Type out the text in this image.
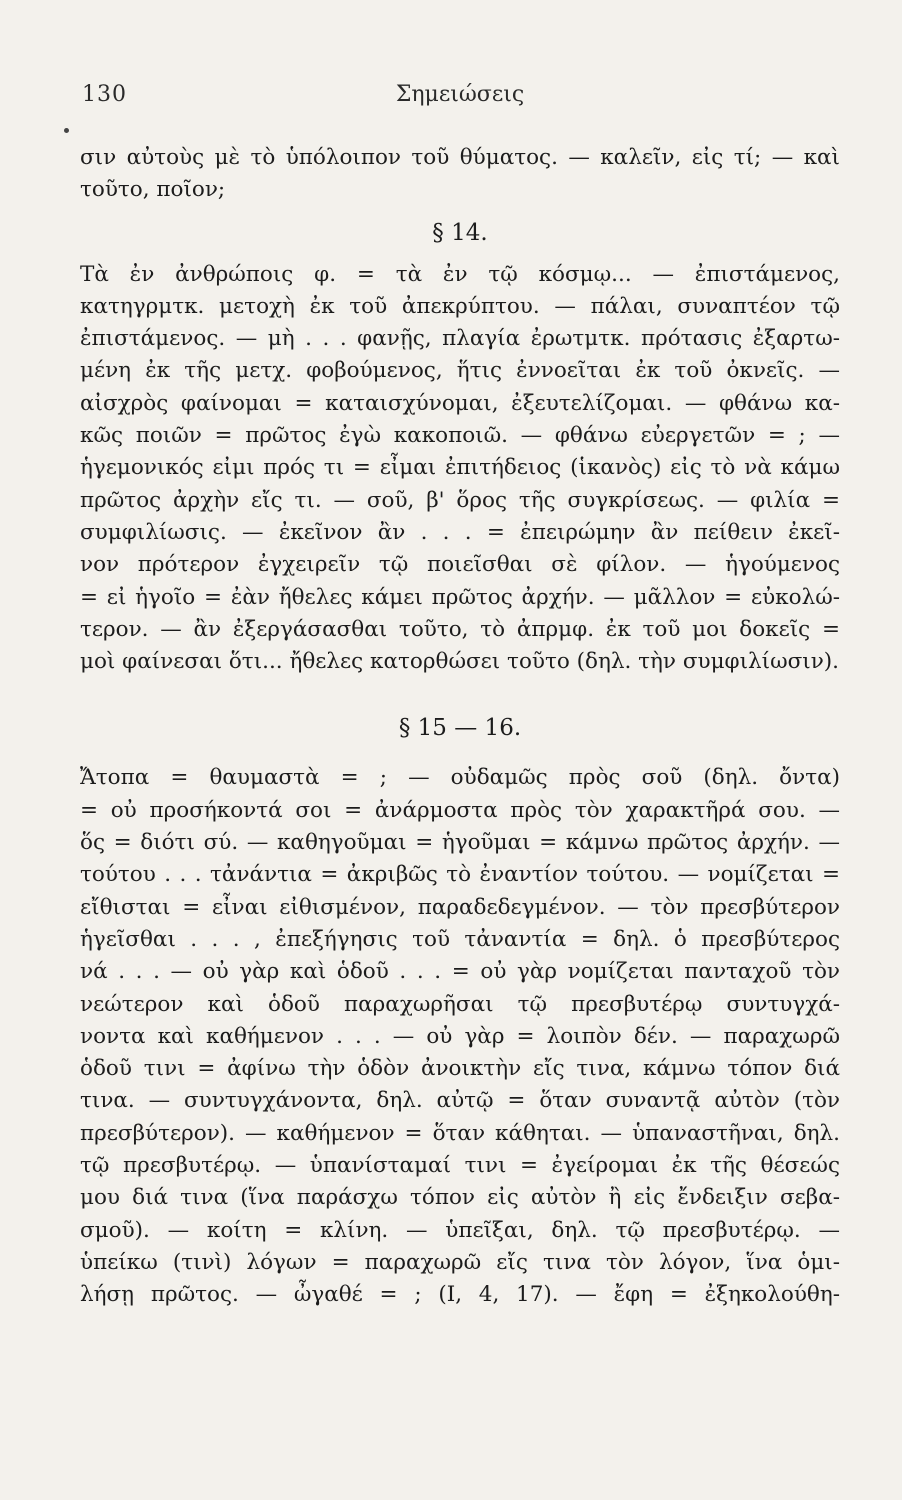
130	Σημειώσεις

σιν αὐτοὺς μὲ τὸ ὑπόλοιπον τοῦ θύματος. — καλεῖν, εἰς τί; — καὶ
τοῦτο, ποῖον;

§ 14.

Τὰ ἐν ἀνθρώποις φ. = τὰ ἐν τῷ κόσμῳ... — ἐπιστάμενος,
κατηγρμτκ. μετοχὴ ἐκ τοῦ ἀπεκρύπτου. — πάλαι, συναπτέον τῷ
ἐπιστάμενος. — μὴ . . . φανῇς, πλαγία ἐρωτμτκ. πρότασις ἐξαρτω-
μένη ἐκ τῆς μετχ. φοβούμενος, ἥτις ἐννοεῖται ἐκ τοῦ ὀκνεῖς. —
αἰσχρὸς φαίνομαι = καταισχύνομαι, ἐξευτελίζομαι. — φθάνω κα-
κῶς ποιῶν = πρῶτος ἐγὼ κακοποιῶ. — φθάνω εὐεργετῶν = ; —
ἡγεμονικός εἰμι πρός τι = εἶμαι ἐπιτήδειος (ἱκανὸς) εἰς τὸ νὰ κάμω
πρῶτος ἀρχὴν εἴς τι. — σοῦ, β' ὅρος τῆς συγκρίσεως. — φιλία =
συμφιλίωσις. — ἐκεῖνον ἂν . . . = ἐπειρώμην ἂν πείθειν ἐκεῖ-
νον πρότερον ἐγχειρεῖν τῷ ποιεῖσθαι σὲ φίλον. — ἡγούμενος
= εἰ ἡγοῖο = ἐὰν ἤθελες κάμει πρῶτος ἀρχήν. — μᾶλλον = εὐκολώ-
τερον. — ἂν ἐξεργάσασθαι τοῦτο, τὸ ἀπρμφ. ἐκ τοῦ μοι δοκεῖς =
μοὶ φαίνεσαι ὅτι... ἤθελες κατορθώσει τοῦτο (δηλ. τὴν συμφιλίωσιν).

§ 15 — 16.

Ἄτοπα = θαυμαστὰ = ; — οὐδαμῶς πρὸς σοῦ (δηλ. ὄντα)
= οὐ προσήκοντά σοι = ἀνάρμοστα πρὸς τὸν χαρακτῆρά σου. —
ὅς = διότι σύ. — καθηγοῦμαι = ἡγοῦμαι = κάμνω πρῶτος ἀρχήν. —
τούτου . . . τἀνάντια = ἀκριβῶς τὸ ἐναντίον τούτου. — νομίζεται =
εἴθισται = εἶναι εἰθισμένον, παραδεδεγμένον. — τὸν πρεσβύτερον
ἡγεῖσθαι . . . , ἐπεξήγησις τοῦ τἀναντία = δηλ. ὁ πρεσβύτερος
νά . . . — οὐ γὰρ καὶ ὁδοῦ . . . = οὐ γὰρ νομίζεται πανταχοῦ τὸν
νεώτερον καὶ ὁδοῦ παραχωρῆσαι τῷ πρεσβυτέρῳ συντυγχά-
νοντα καὶ καθήμενον . . . — οὐ γὰρ = λοιπὸν δέν. — παραχωρῶ
ὁδοῦ τινι = ἀφίνω τὴν ὁδὸν ἀνοικτὴν εἴς τινα, κάμνω τόπον διά
τινα. — συντυγχάνοντα, δηλ. αὐτῷ = ὅταν συναντᾷ αὐτὸν (τὸν
πρεσβύτερον). — καθήμενον = ὅταν κάθηται. — ὑπαναστῆναι, δηλ.
τῷ πρεσβυτέρῳ. — ὑπανίσταμαί τινι = ἐγείρομαι ἐκ τῆς θέσεώς
μου διά τινα (ἵνα παράσχω τόπον εἰς αὐτὸν ἢ εἰς ἔνδειξιν σεβα-
σμοῦ). — κοίτη = κλίνη. — ὑπεῖξαι, δηλ. τῷ πρεσβυτέρῳ. —
ὑπείκω (τινὶ) λόγων = παραχωρῶ εἴς τινα τὸν λόγον, ἵνα ὁμι-
λήσῃ πρῶτος. — ὦγαθέ = ; (Ι, 4, 17). — ἔφη = ἐξηκολούθη-
